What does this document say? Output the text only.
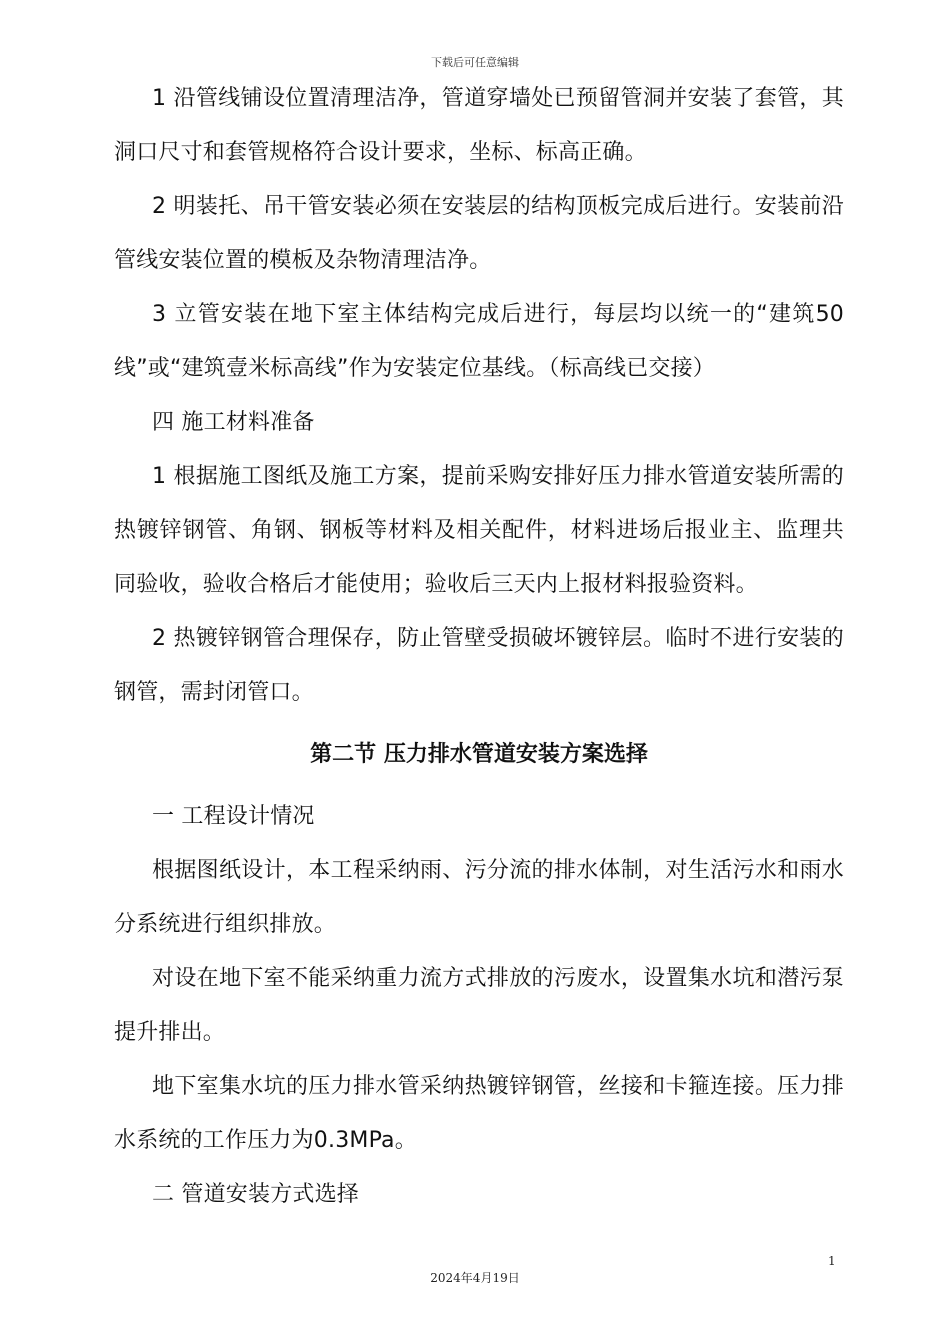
下载后可任意编辑

1 沿管线铺设位置清理洁净，管道穿墙处已预留管洞并安装了套管，其洞口尺寸和套管规格符合设计要求，坐标、标高正确。

2 明装托、吊干管安装必须在安装层的结构顶板完成后进行。安装前沿管线安装位置的模板及杂物清理洁净。

3 立管安装在地下室主体结构完成后进行，每层均以统一的“建筑50线”或“建筑壹米标高线”作为安装定位基线。（标高线已交接）

四 施工材料准备

1 根据施工图纸及施工方案，提前采购安排好压力排水管道安装所需的热镀锌钢管、角钢、钢板等材料及相关配件，材料进场后报业主、监理共同验收，验收合格后才能使用；验收后三天内上报材料报验资料。

2 热镀锌钢管合理保存，防止管壁受损破坏镀锌层。临时不进行安装的钢管，需封闭管口。

第二节 压力排水管道安装方案选择

一 工程设计情况

根据图纸设计，本工程采纳雨、污分流的排水体制，对生活污水和雨水分系统进行组织排放。

对设在地下室不能采纳重力流方式排放的污废水，设置集水坑和潜污泵提升排出。

地下室集水坑的压力排水管采纳热镀锌钢管，丝接和卡箍连接。压力排水系统的工作压力为0.3MPa。

二 管道安装方式选择

1
2024年4月19日
